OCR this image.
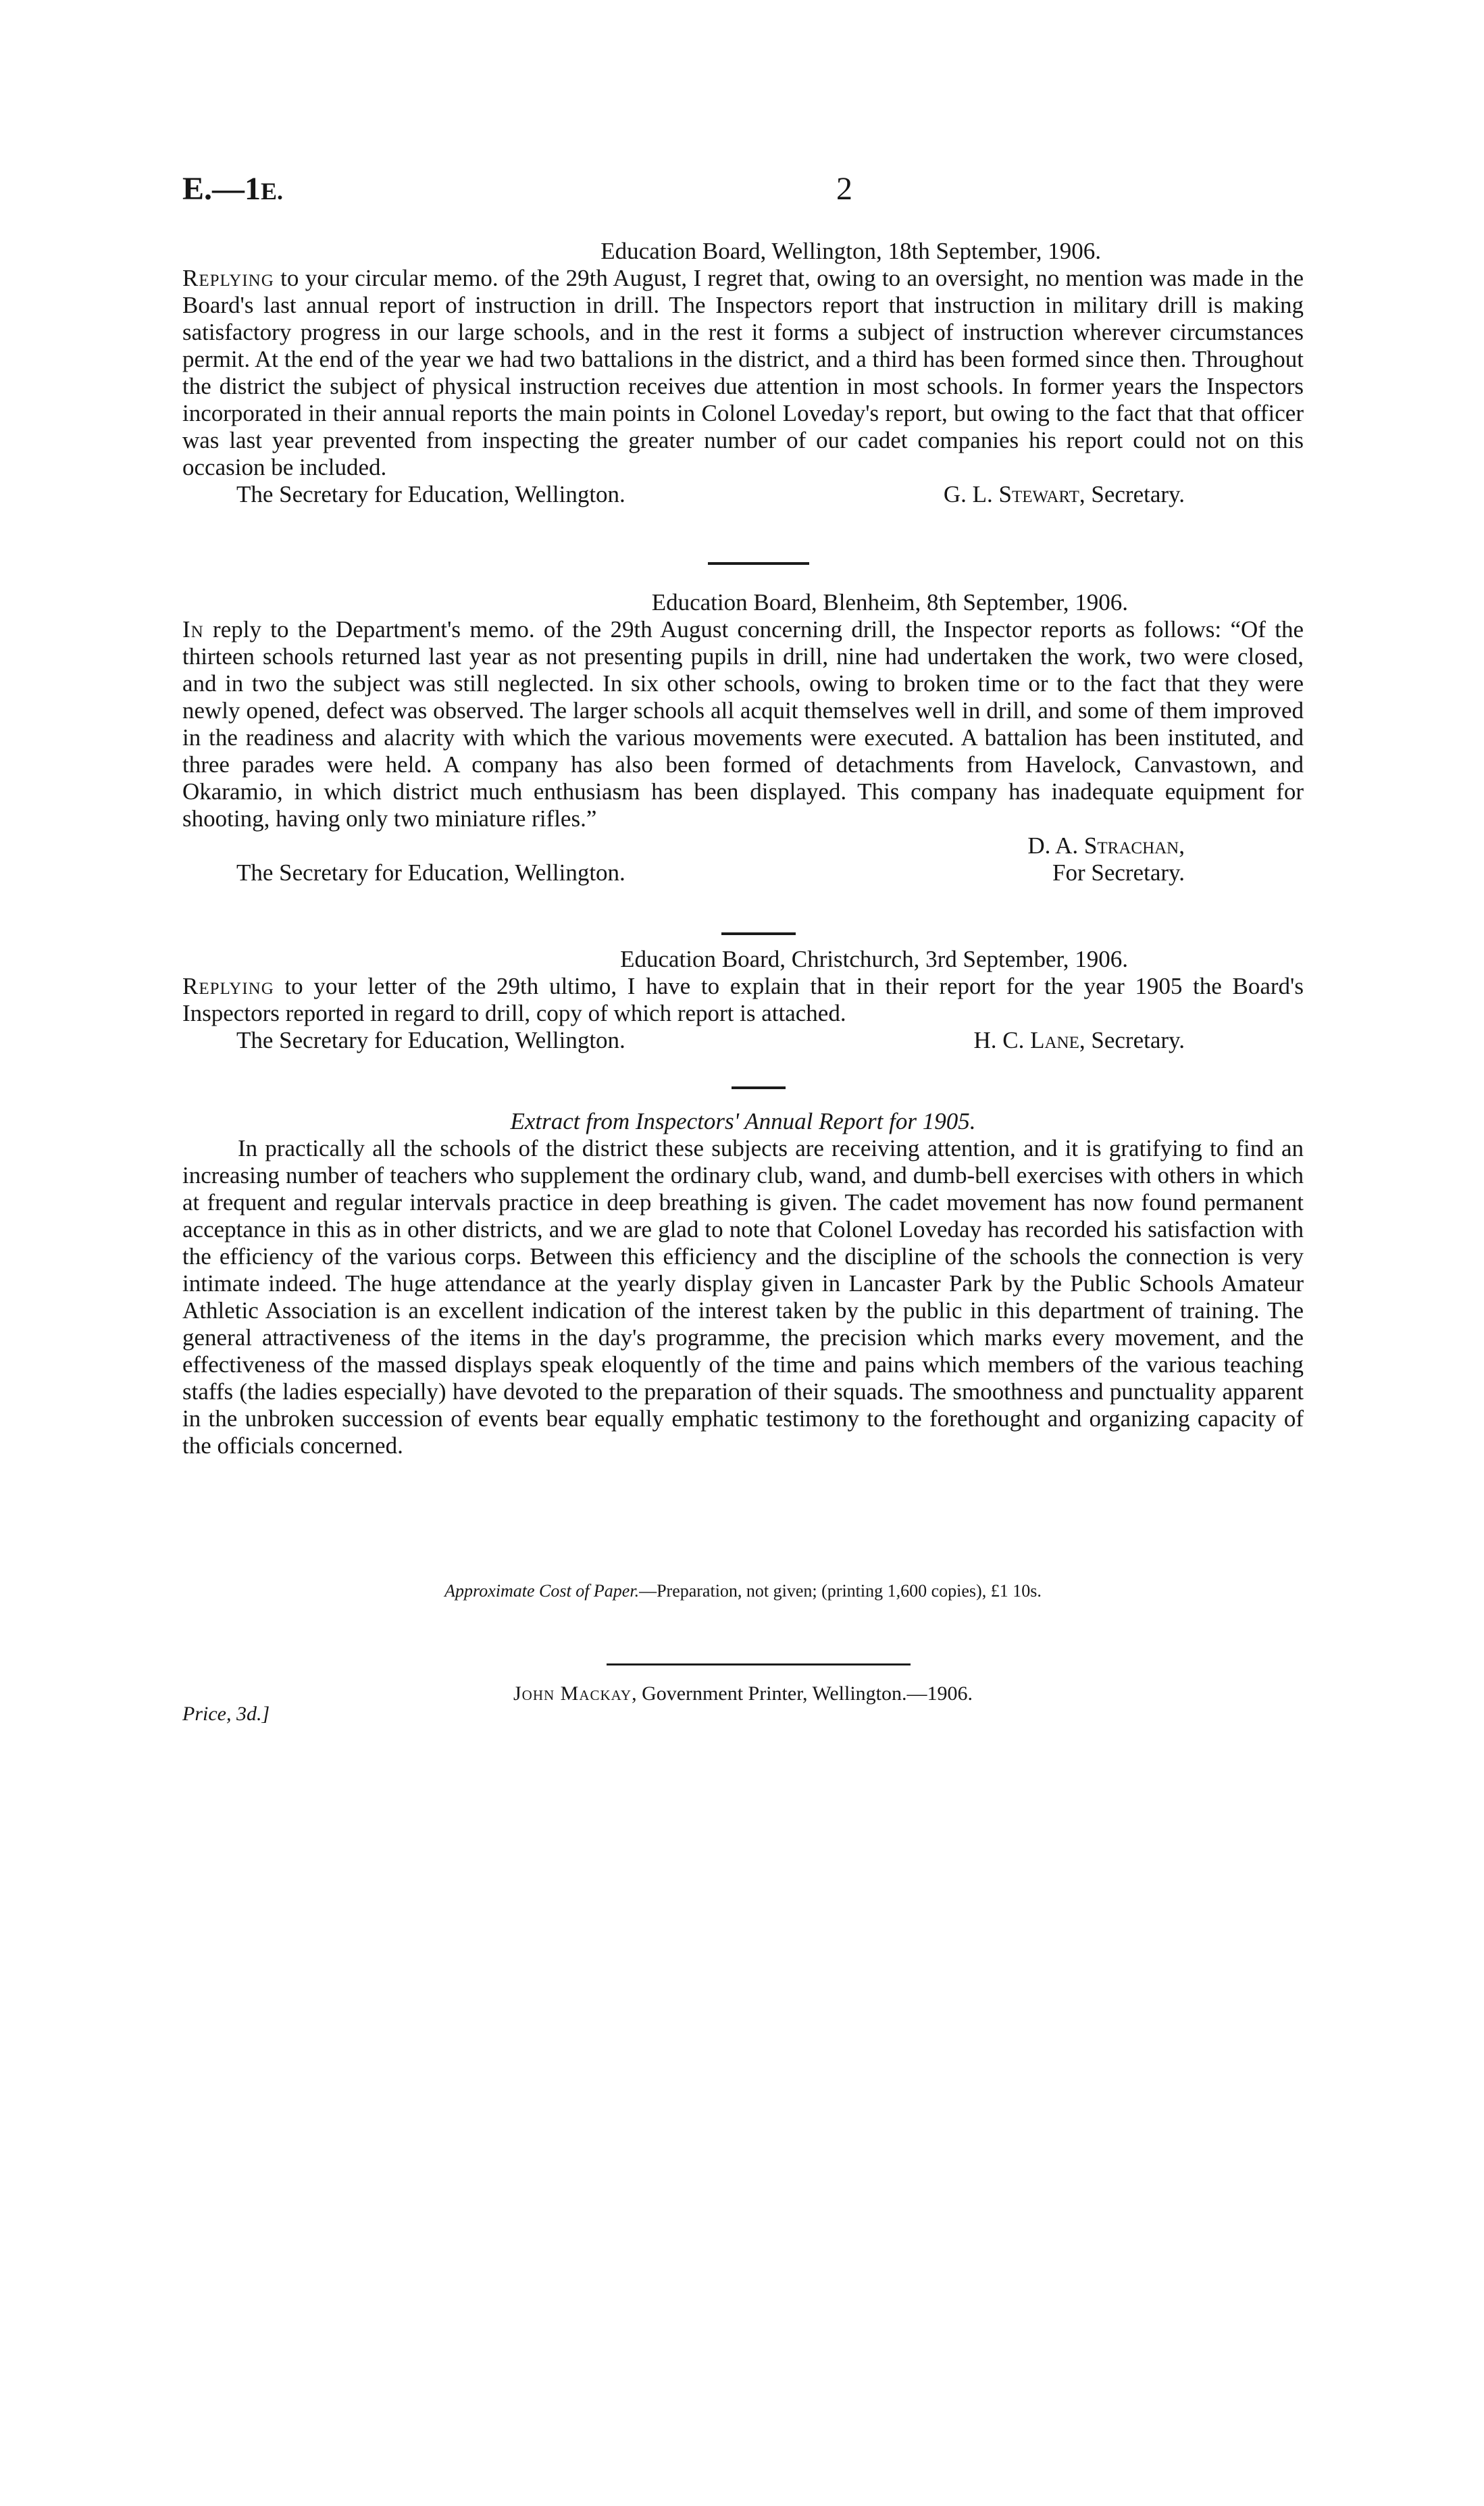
E.—1E.	2

Education Board, Wellington, 18th September, 1906.

Replying to your circular memo. of the 29th August, I regret that, owing to an oversight, no mention was made in the Board's last annual report of instruction in drill. The Inspectors report that instruction in military drill is making satisfactory progress in our large schools, and in the rest it forms a subject of instruction wherever circumstances permit. At the end of the year we had two battalions in the district, and a third has been formed since then. Throughout the district the subject of physical instruction receives due attention in most schools. In former years the Inspectors incorporated in their annual reports the main points in Colonel Loveday's report, but owing to the fact that that officer was last year prevented from inspecting the greater number of our cadet companies his report could not on this occasion be included.

The Secretary for Education, Wellington.	G. L. Stewart, Secretary.

Education Board, Blenheim, 8th September, 1906.

In reply to the Department's memo. of the 29th August concerning drill, the Inspector reports as follows: “Of the thirteen schools returned last year as not presenting pupils in drill, nine had undertaken the work, two were closed, and in two the subject was still neglected. In six other schools, owing to broken time or to the fact that they were newly opened, defect was observed. The larger schools all acquit themselves well in drill, and some of them improved in the readiness and alacrity with which the various movements were executed. A battalion has been instituted, and three parades were held. A company has also been formed of detachments from Havelock, Canvastown, and Okaramio, in which district much enthusiasm has been displayed. This company has inadequate equipment for shooting, having only two miniature rifles.”

D. A. Strachan,

The Secretary for Education, Wellington.	For Secretary.

Education Board, Christchurch, 3rd September, 1906.

Replying to your letter of the 29th ultimo, I have to explain that in their report for the year 1905 the Board's Inspectors reported in regard to drill, copy of which report is attached.

The Secretary for Education, Wellington.	H. C. Lane, Secretary.

Extract from Inspectors' Annual Report for 1905.

In practically all the schools of the district these subjects are receiving attention, and it is gratifying to find an increasing number of teachers who supplement the ordinary club, wand, and dumb-bell exercises with others in which at frequent and regular intervals practice in deep breathing is given. The cadet movement has now found permanent acceptance in this as in other districts, and we are glad to note that Colonel Loveday has recorded his satisfaction with the efficiency of the various corps. Between this efficiency and the discipline of the schools the connection is very intimate indeed. The huge attendance at the yearly display given in Lancaster Park by the Public Schools Amateur Athletic Association is an excellent indication of the interest taken by the public in this department of training. The general attractiveness of the items in the day's programme, the precision which marks every movement, and the effectiveness of the massed displays speak eloquently of the time and pains which members of the various teaching staffs (the ladies especially) have devoted to the preparation of their squads. The smoothness and punctuality apparent in the unbroken succession of events bear equally emphatic testimony to the forethought and organizing capacity of the officials concerned.

Approximate Cost of Paper.—Preparation, not given; (printing 1,600 copies), £1 10s.
John Mackay, Government Printer, Wellington.—1906.
Price, 3d.]
